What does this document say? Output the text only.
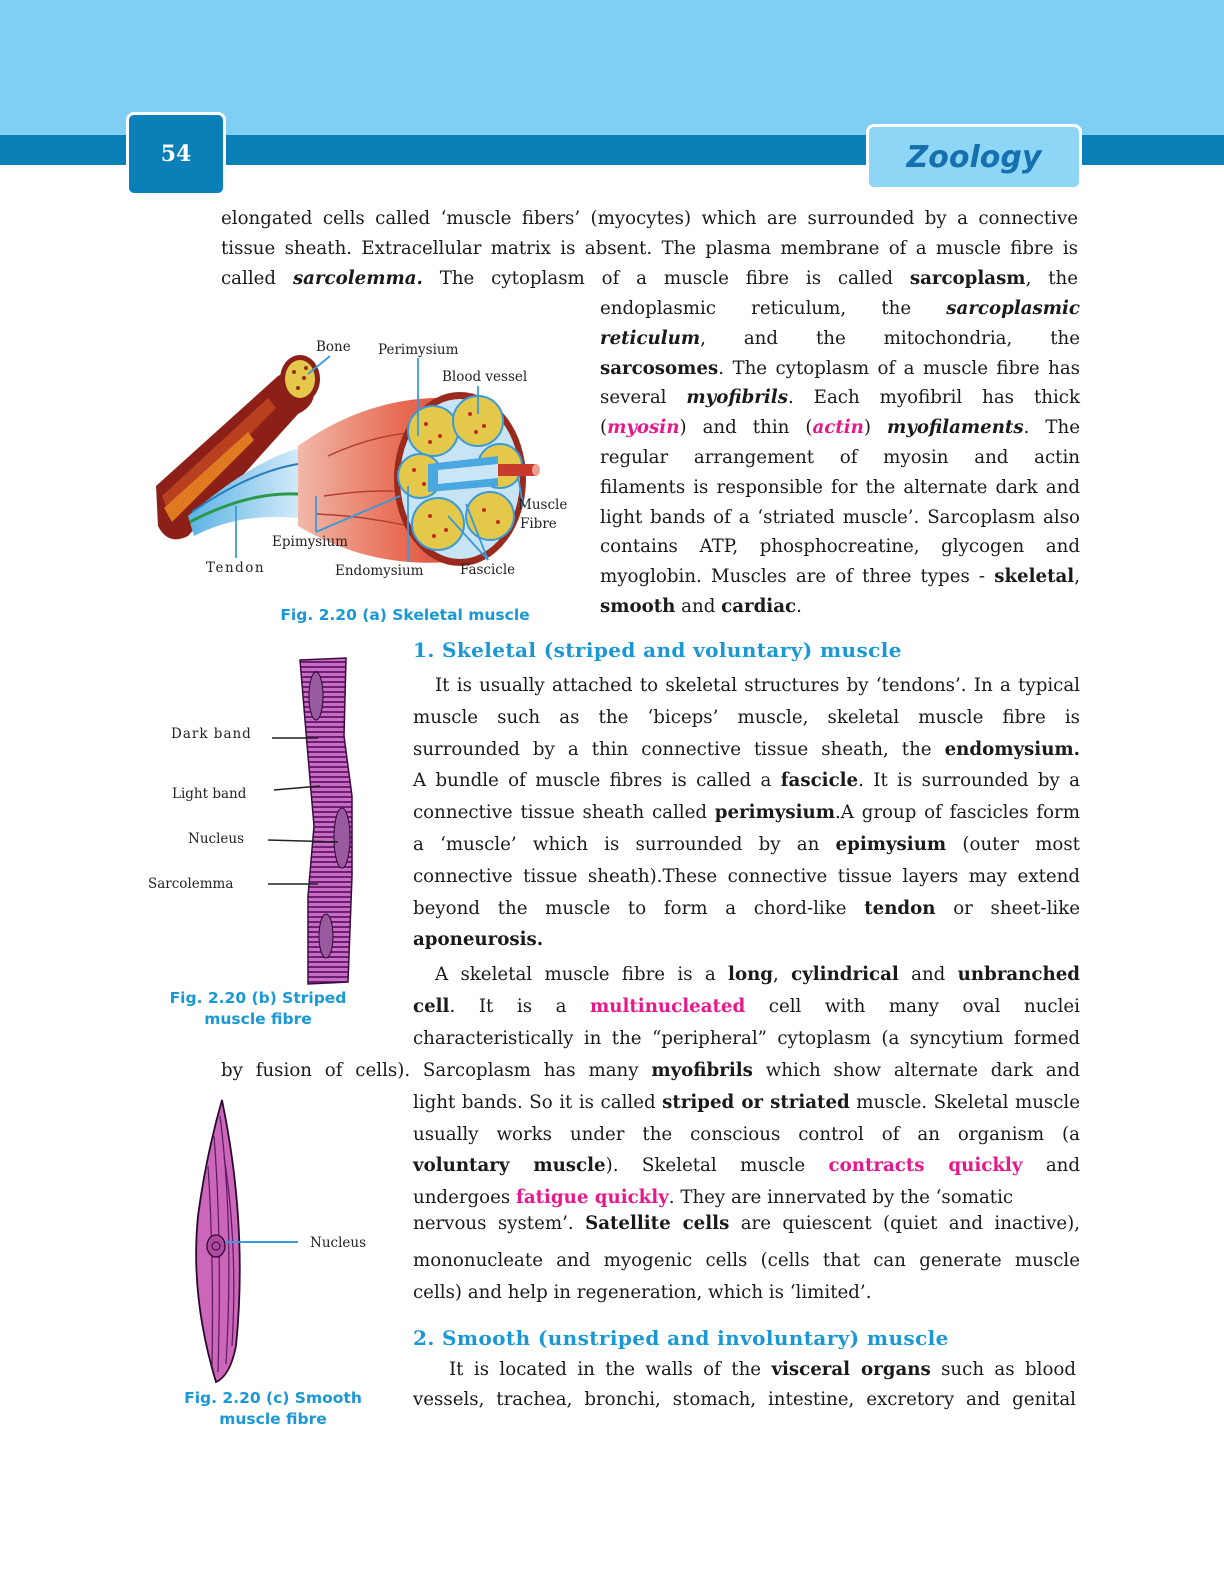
54	Zoology
elongated cells called ‘muscle fibers’ (myocytes) which are surrounded by a connective
tissue sheath. Extracellular matrix is absent. The plasma membrane of a muscle fibre is
called sarcolemma. The cytoplasm of a muscle fibre is called sarcoplasm, the
endoplasmic reticulum, the sarcoplasmic
reticulum, and the mitochondria, the
sarcosomes. The cytoplasm of a muscle fibre has
several myofibrils. Each myofibril has thick
(myosin) and thin (actin) myofilaments. The
regular arrangement of myosin and actin
filaments is responsible for the alternate dark and
light bands of a ‘striated muscle’. Sarcoplasm also
contains ATP, phosphocreatine, glycogen and
myoglobin. Muscles are of three types - skeletal,
smooth and cardiac.
Bone Perimysium
Blood vessel
Muscle
Fibre
Epimysium
Tendon	Endomysium	Fascicle
Fig. 2.20 (a) Skeletal muscle
1. Skeletal (striped and voluntary) muscle
It is usually attached to skeletal structures by ‘tendons’. In a typical
muscle such as the ‘biceps’ muscle, skeletal muscle fibre is
surrounded by a thin connective tissue sheath, the endomysium.
A bundle of muscle fibres is called a fascicle. It is surrounded by a
connective tissue sheath called perimysium.A group of fascicles form
a ‘muscle’ which is surrounded by an epimysium (outer most
connective tissue sheath).These connective tissue layers may extend
beyond the muscle to form a chord-like tendon or sheet-like
aponeurosis.
Dark band
Light band
Nucleus
Sarcolemma
Fig. 2.20 (b) Striped
muscle fibre
A skeletal muscle fibre is a long, cylindrical and unbranched
cell. It is a multinucleated cell with many oval nuclei
characteristically in the “peripheral” cytoplasm (a syncytium formed
by fusion of cells). Sarcoplasm has many myofibrils which show alternate dark and
light bands. So it is called striped or striated muscle. Skeletal muscle
usually works under the conscious control of an organism (a
voluntary muscle). Skeletal muscle contracts quickly and
undergoes fatigue quickly. They are innervated by the ‘somatic
nervous system’. Satellite cells are quiescent (quiet and inactive),
mononucleate and myogenic cells (cells that can generate muscle
cells) and help in regeneration, which is ‘limited’.
Nucleus
Fig. 2.20 (c) Smooth
muscle fibre
2. Smooth (unstriped and involuntary) muscle
It is located in the walls of the visceral organs such as blood
vessels, trachea, bronchi, stomach, intestine, excretory and genital
